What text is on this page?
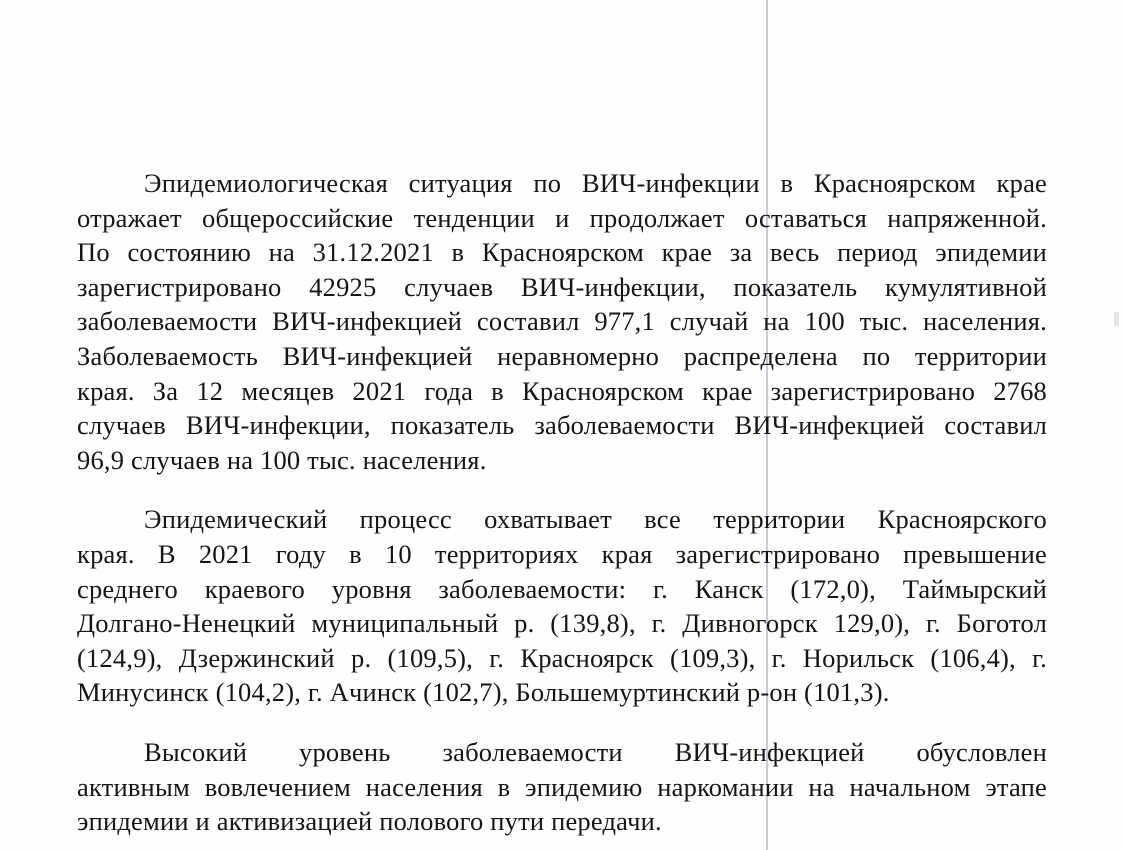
Эпидемиологическая ситуация по ВИЧ-инфекции в Красноярском крае
отражает общероссийские тенденции и продолжает оставаться напряженной.
По состоянию на 31.12.2021 в Красноярском крае за весь период эпидемии
зарегистрировано 42925 случаев ВИЧ-инфекции, показатель кумулятивной
заболеваемости ВИЧ-инфекцией составил 977,1 случай на 100 тыс. населения.
Заболеваемость ВИЧ-инфекцией неравномерно распределена по территории
края. За 12 месяцев 2021 года в Красноярском крае зарегистрировано 2768
случаев ВИЧ-инфекции, показатель заболеваемости ВИЧ-инфекцией составил
96,9 случаев на 100 тыс. населения.
Эпидемический процесс охватывает все территории Красноярского
края. В 2021 году в 10 территориях края зарегистрировано превышение
среднего краевого уровня заболеваемости: г. Канск (172,0), Таймырский
Долгано-Ненецкий муниципальный р. (139,8), г. Дивногорск 129,0), г. Боготол
(124,9), Дзержинский р. (109,5), г. Красноярск (109,3), г. Норильск (106,4), г.
Минусинск (104,2), г. Ачинск (102,7), Большемуртинский р-он (101,3).
Высокий уровень заболеваемости ВИЧ-инфекцией обусловлен
активным вовлечением населения в эпидемию наркомании на начальном этапе
эпидемии и активизацией полового пути передачи.
